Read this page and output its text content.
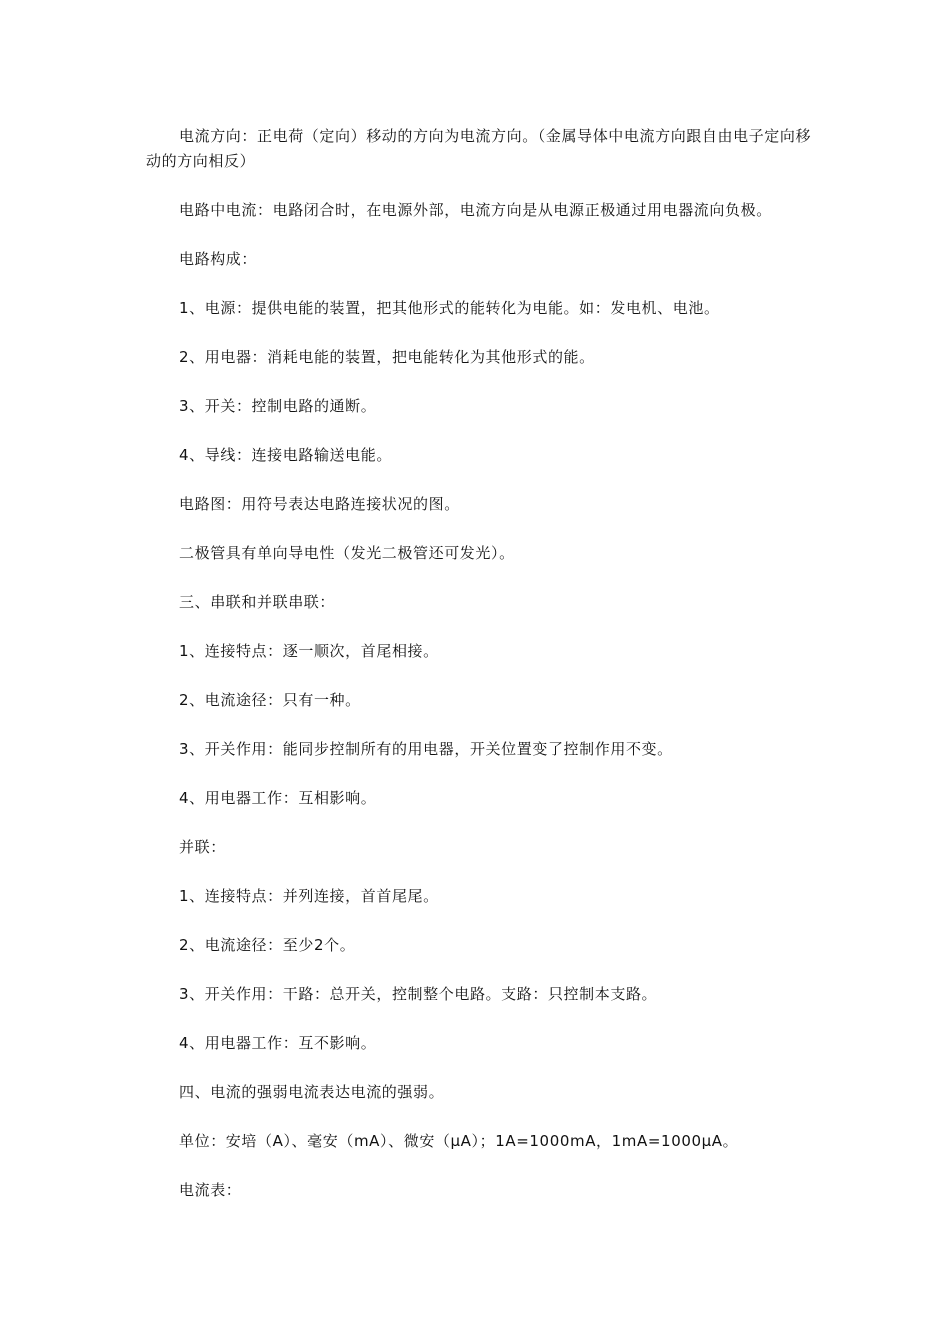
电流方向：正电荷（定向）移动的方向为电流方向。（金属导体中电流方向跟自由电子定向移动的方向相反）

电路中电流：电路闭合时，在电源外部，电流方向是从电源正极通过用电器流向负极。

电路构成：

1、电源：提供电能的装置，把其他形式的能转化为电能。如：发电机、电池。

2、用电器：消耗电能的装置，把电能转化为其他形式的能。

3、开关：控制电路的通断。

4、导线：连接电路输送电能。

电路图：用符号表达电路连接状况的图。

二极管具有单向导电性（发光二极管还可发光）。

三、串联和并联串联：

1、连接特点：逐一顺次，首尾相接。

2、电流途径：只有一种。

3、开关作用：能同步控制所有的用电器，开关位置变了控制作用不变。

4、用电器工作：互相影响。

并联：

1、连接特点：并列连接，首首尾尾。

2、电流途径：至少2个。

3、开关作用：干路：总开关，控制整个电路。支路：只控制本支路。

4、用电器工作：互不影响。

四、电流的强弱电流表达电流的强弱。

单位：安培（A）、毫安（mA）、微安（μA）；1A=1000mA，1mA=1000μA。

电流表：
